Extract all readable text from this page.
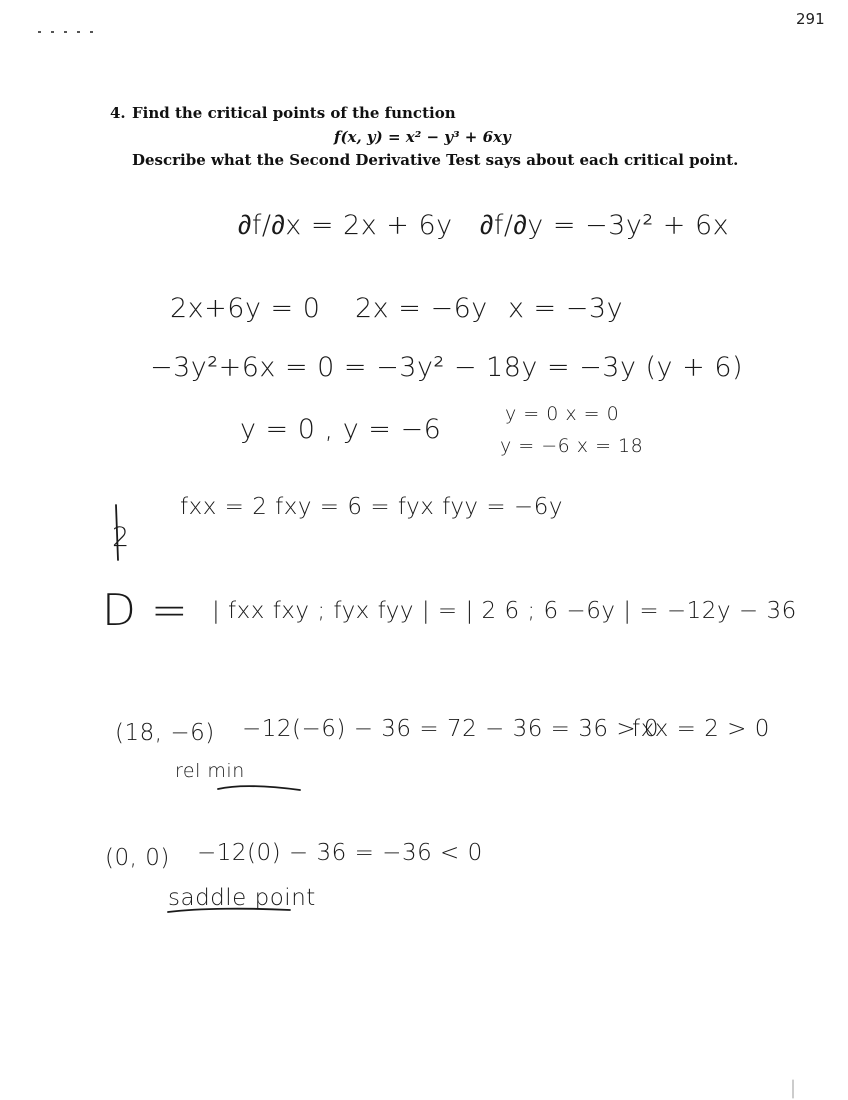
291
4. Find the critical points of the function
f(x, y) = x² − y³ + 6xy
Describe what the Second Derivative Test says about each critical point.
∂f/∂x = 2x + 6y ∂f/∂y = −3y² + 6x
2x+6y = 0 2x = −6y x = −3y
−3y²+6x = 0 = −3y² − 18y = −3y (y + 6)
y = 0 , y = −6	y = 0 x = 0
y = −6 x = 18
2
fxx = 2 fxy = 6 = fyx fyy = −6y
D = | fxx fxy ; fyx fyy | = | 2 6 ; 6 −6y | = −12y − 36
(18, −6) −12(−6) − 36 = 72 − 36 = 36 > 0
fxx = 2 > 0
rel min
(0, 0) −12(0) − 36 = −36 < 0
saddle point
